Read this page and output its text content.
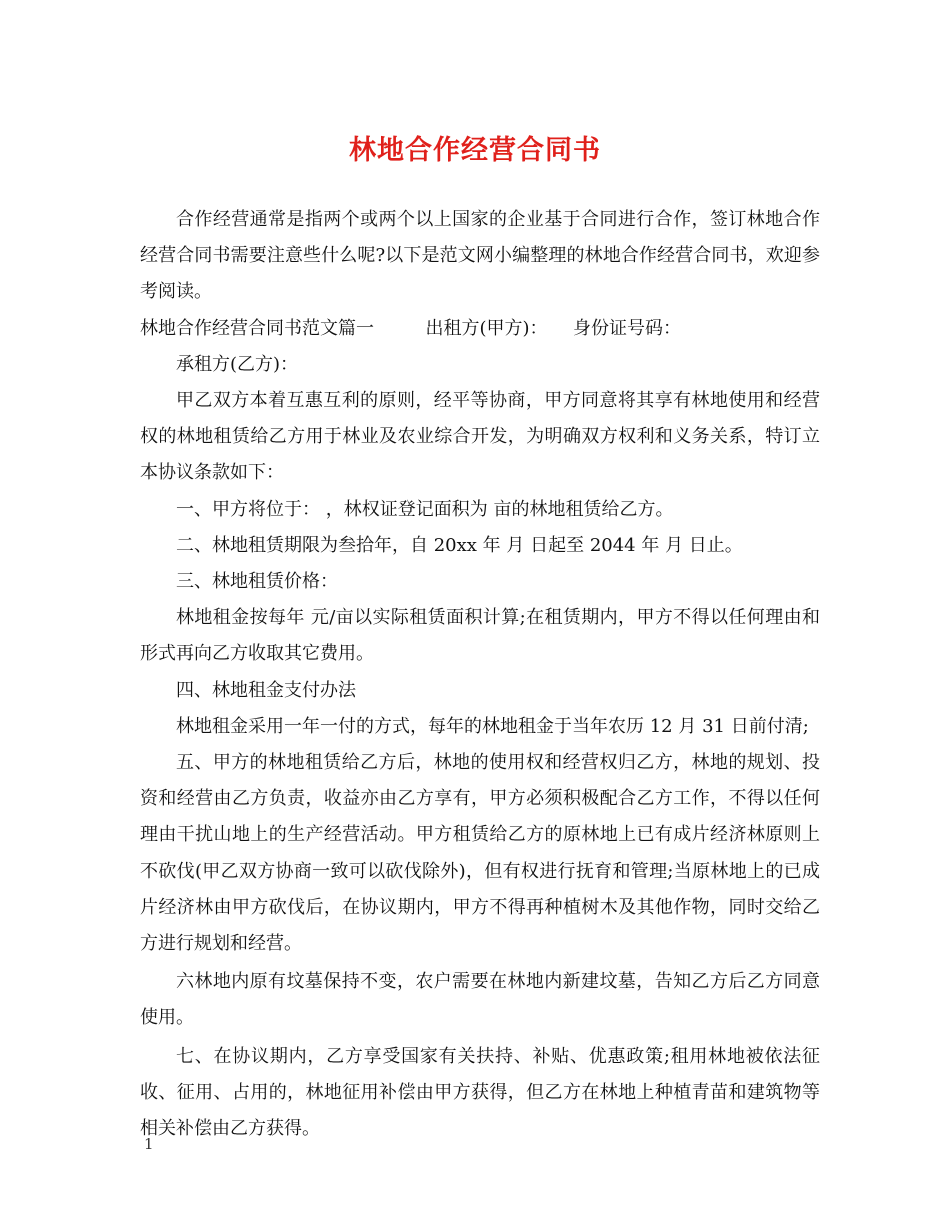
林地合作经营合同书

合作经营通常是指两个或两个以上国家的企业基于合同进行合作，签订林地合作经营合同书需要注意些什么呢?以下是范文网小编整理的林地合作经营合同书，欢迎参考阅读。

林地合作经营合同书范文篇一	出租方(甲方)： 身份证号码：

承租方(乙方)：

甲乙双方本着互惠互利的原则，经平等协商，甲方同意将其享有林地使用和经营权的林地租赁给乙方用于林业及农业综合开发，为明确双方权利和义务关系，特订立本协议条款如下：

一、甲方将位于： ，林权证登记面积为 亩的林地租赁给乙方。

二、林地租赁期限为叁拾年，自 20xx 年 月 日起至 2044 年 月 日止。

三、林地租赁价格：

林地租金按每年 元/亩以实际租赁面积计算;在租赁期内，甲方不得以任何理由和形式再向乙方收取其它费用。

四、林地租金支付办法

林地租金采用一年一付的方式，每年的林地租金于当年农历 12 月 31 日前付清;

五、甲方的林地租赁给乙方后，林地的使用权和经营权归乙方，林地的规划、投资和经营由乙方负责，收益亦由乙方享有，甲方必须积极配合乙方工作，不得以任何理由干扰山地上的生产经营活动。甲方租赁给乙方的原林地上已有成片经济林原则上不砍伐(甲乙双方协商一致可以砍伐除外)，但有权进行抚育和管理;当原林地上的已成片经济林由甲方砍伐后，在协议期内，甲方不得再种植树木及其他作物，同时交给乙方进行规划和经营。

六林地内原有坟墓保持不变，农户需要在林地内新建坟墓，告知乙方后乙方同意使用。

七、在协议期内，乙方享受国家有关扶持、补贴、优惠政策;租用林地被依法征收、征用、占用的，林地征用补偿由甲方获得，但乙方在林地上种植青苗和建筑物等相关补偿由乙方获得。

1
